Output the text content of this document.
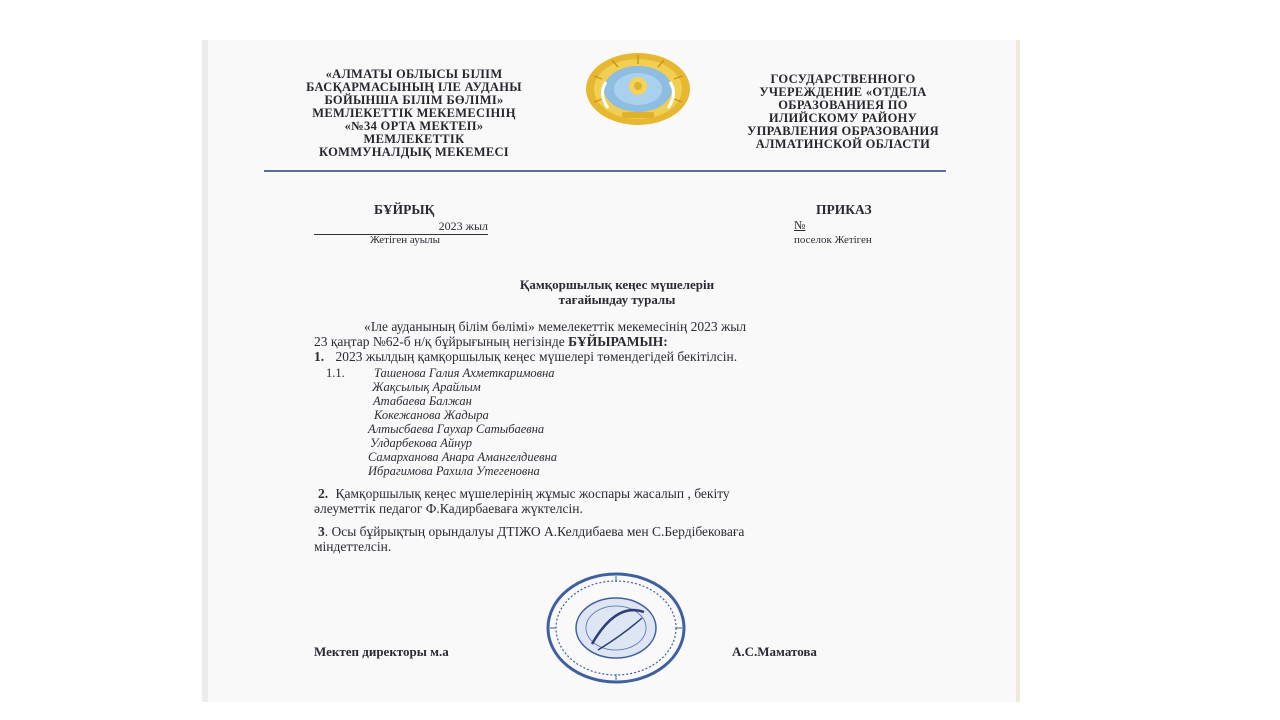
«АЛМАТЫ ОБЛЫСЫ БІЛІМ
БАСҚАРМАСЫНЫҢ ІЛЕ АУДАНЫ
БОЙЫНША БІЛІМ БӨЛІМІ»
МЕМЛЕКЕТТІК МЕКЕМЕСІНІҢ
«№34 ОРТА МЕКТЕП»
МЕМЛЕКЕТТІК
КОММУНАЛДЫҚ МЕКЕМЕСІ
ГОСУДАРСТВЕННОГО
УЧЕРЕЖДЕНИЕ «ОТДЕЛА
ОБРАЗОВАНИЕЯ ПО
ИЛИЙСКОМУ РАЙОНУ
УПРАВЛЕНИЯ ОБРАЗОВАНИЯ
АЛМАТИНСКОЙ ОБЛАСТИ
БҰЙРЫҚ
2023 жыл
Жетіген ауылы
ПРИКАЗ
№
поселок Жетіген
Қамқоршылық кеңес мүшелерін
тағайындау туралы
«Іле ауданының білім бөлімі» мемелекеттік мекемесінің 2023 жыл
23 қаңтар №62-б н/қ бұйрығының негізінде БҰЙЫРАМЫН:
1. 2023 жылдың қамқоршылық кеңес мүшелері төмендегідей бекітілсін.
1.1. Ташенова Галия Ахметкаримовна
Жақсылық Арайлым
Атабаева Балжан
Кокежанова Жадыра
Алтысбаева Гаухар Сатыбаевна
Улдарбекова Айнур
Самарханова Анара Амангелдиевна
Ибрагимова Рахила Утегеновна
2. Қамқоршылық кеңес мүшелерінің жұмыс жоспары жасалып , бекіту
әлеуметтік педагог Ф.Кадирбаеваға жүктелсін.
3. Осы бұйрықтың орындалуы ДТІЖО А.Келдибаева мен С.Бердібековаға
міндеттелсін.
Мектеп директоры м.а	А.С.Маматова
